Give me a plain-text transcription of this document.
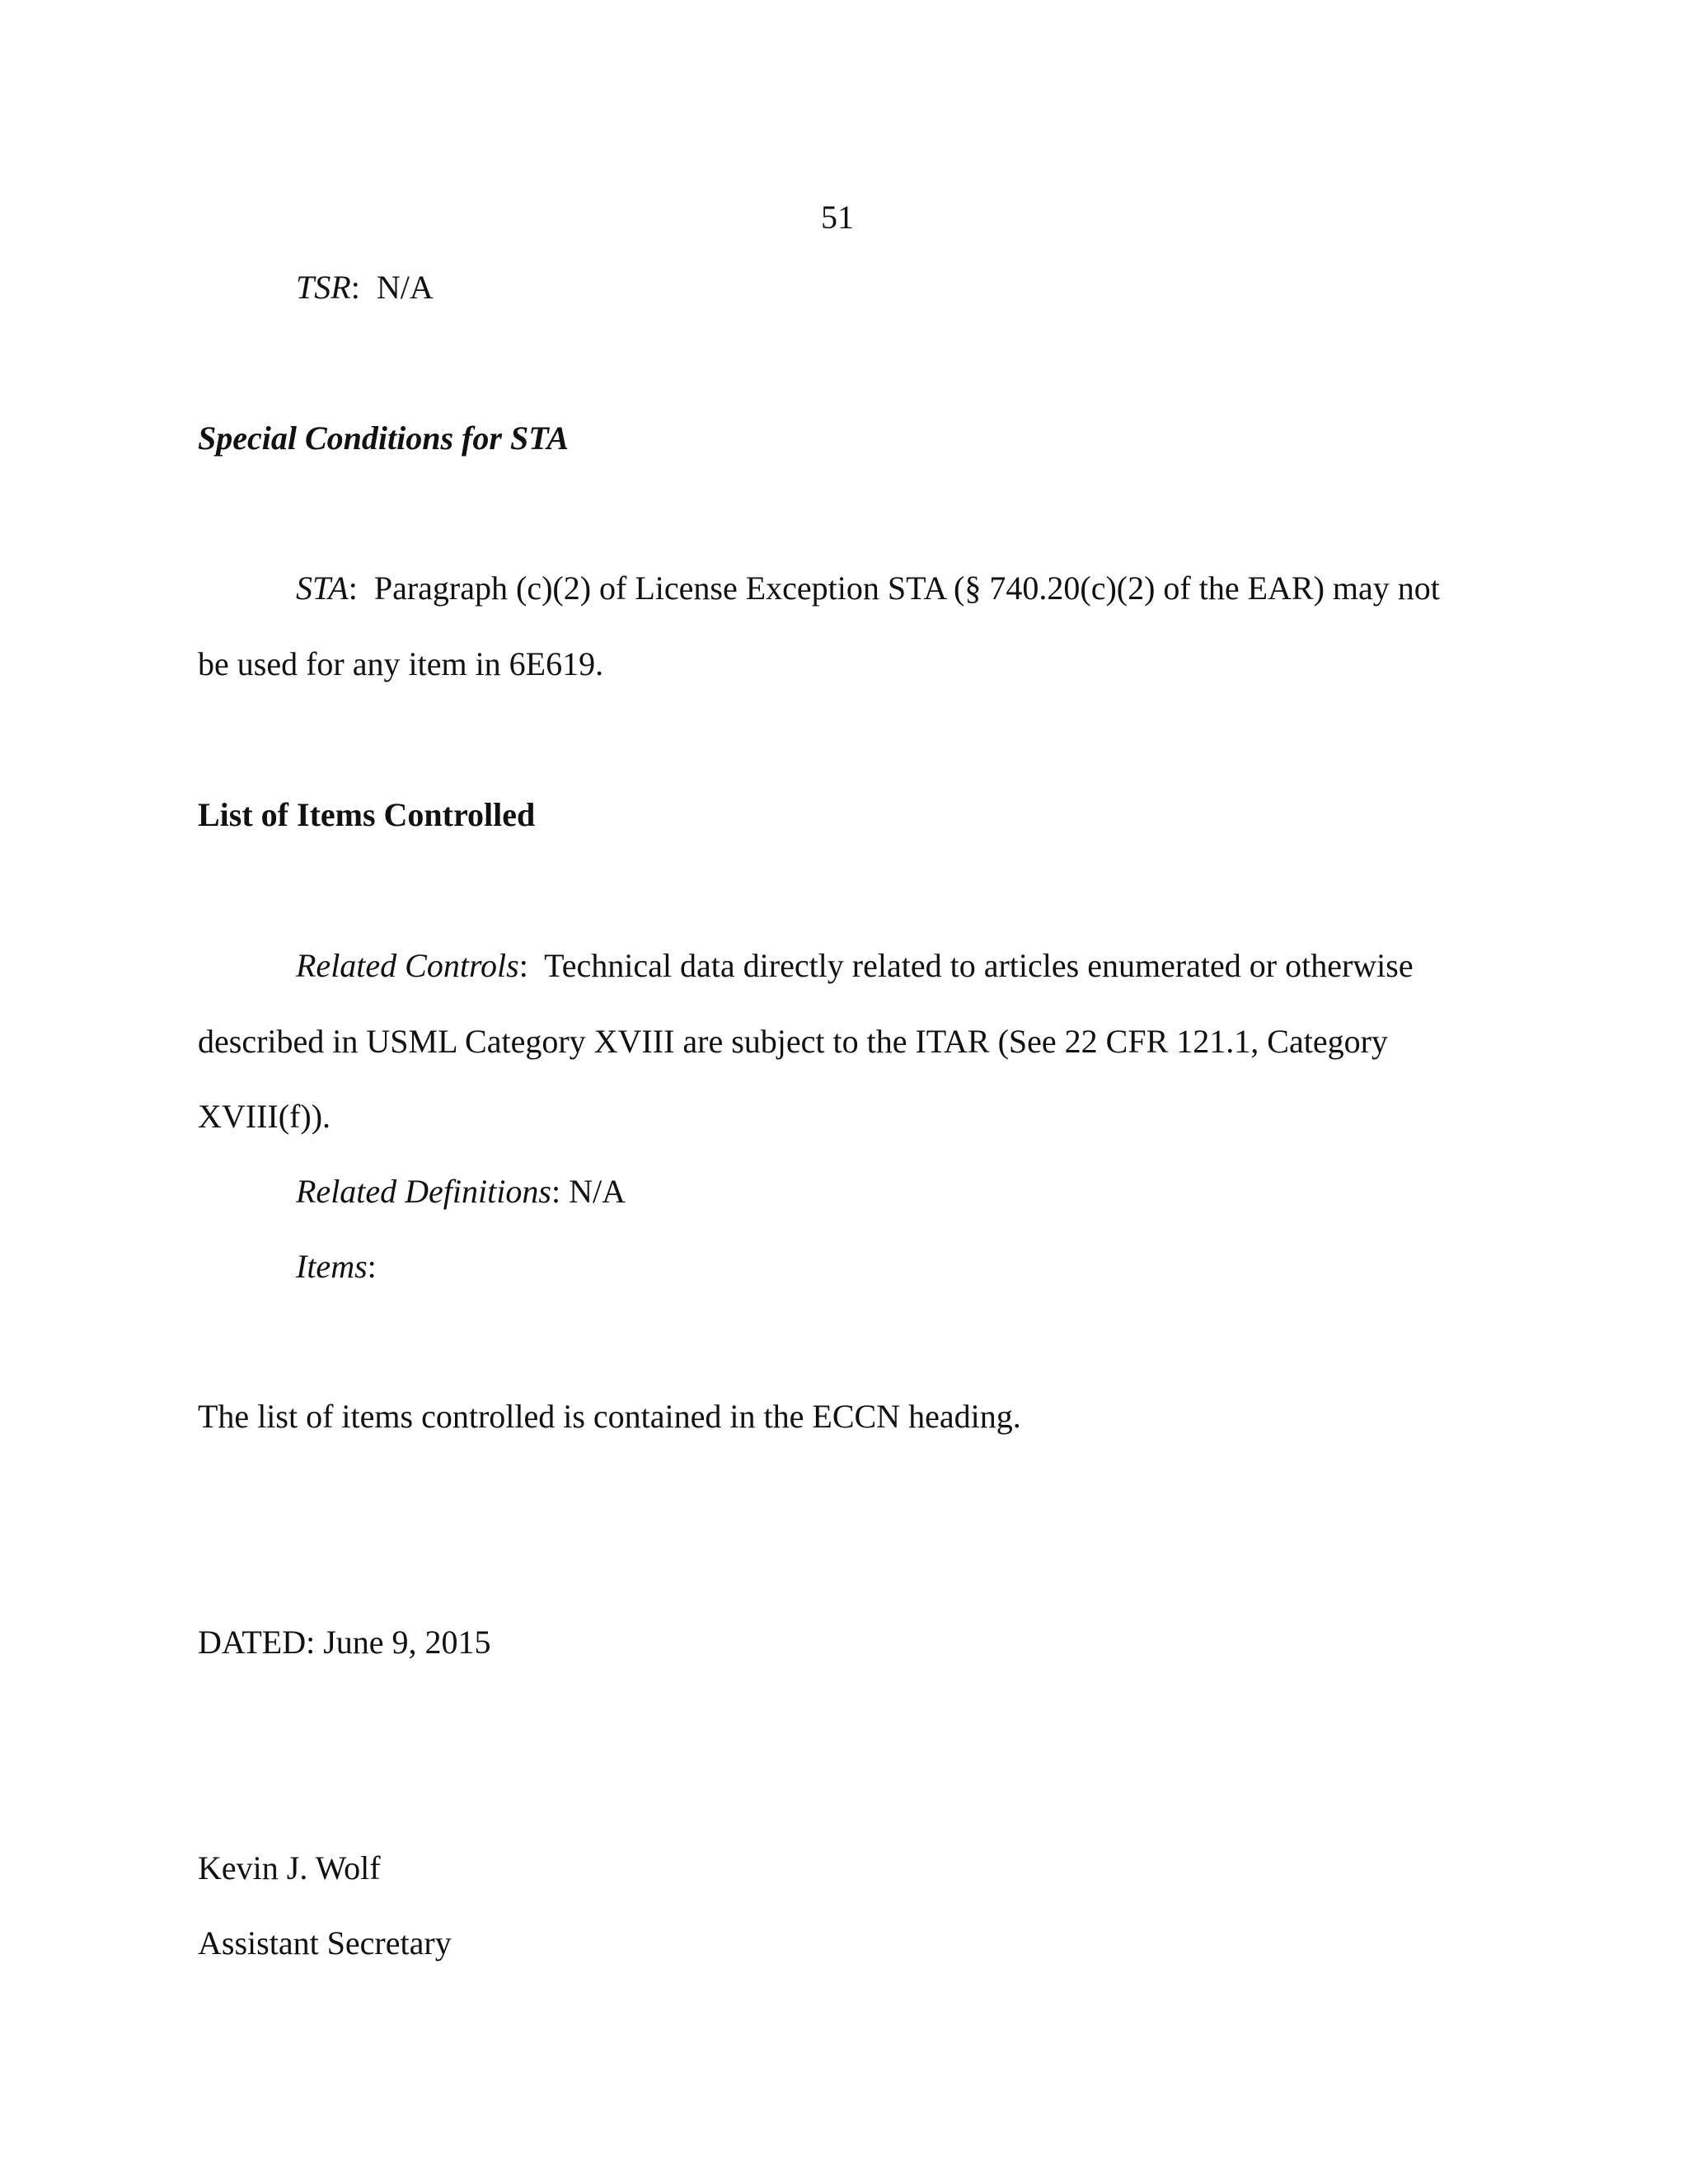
51
TSR:  N/A
Special Conditions for STA
STA:  Paragraph (c)(2) of License Exception STA (§ 740.20(c)(2) of the EAR) may not
be used for any item in 6E619.
List of Items Controlled
Related Controls:  Technical data directly related to articles enumerated or otherwise
described in USML Category XVIII are subject to the ITAR (See 22 CFR 121.1, Category
XVIII(f)).
Related Definitions: N/A
Items:
The list of items controlled is contained in the ECCN heading.
DATED: June 9, 2015
Kevin J. Wolf
Assistant Secretary
